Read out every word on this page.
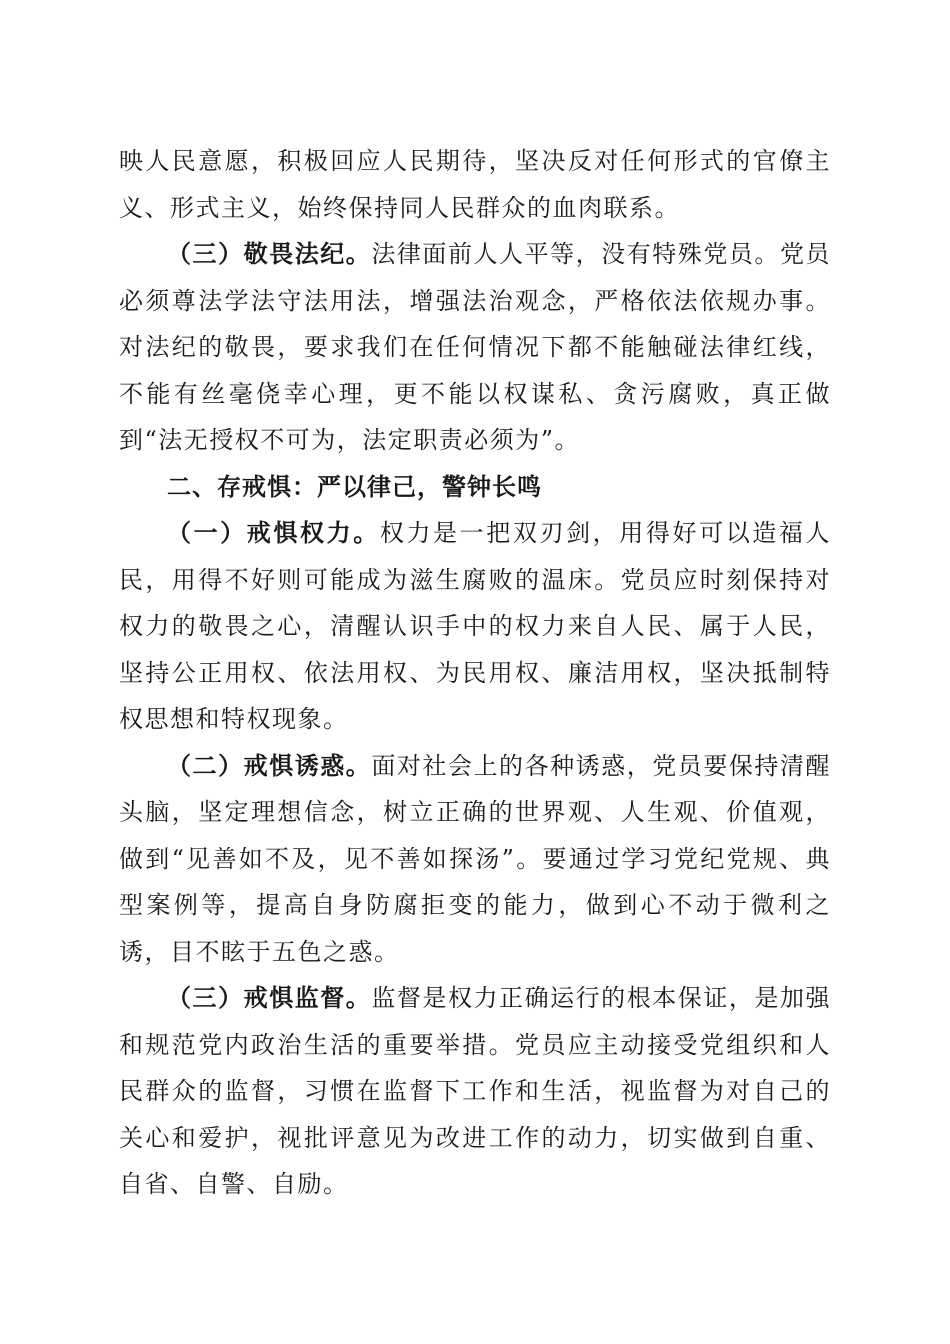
映人民意愿，积极回应人民期待，坚决反对任何形式的官僚主义、形式主义，始终保持同人民群众的血肉联系。

（三）敬畏法纪。法律面前人人平等，没有特殊党员。党员必须尊法学法守法用法，增强法治观念，严格依法依规办事。对法纪的敬畏，要求我们在任何情况下都不能触碰法律红线，不能有丝毫侥幸心理，更不能以权谋私、贪污腐败，真正做到“法无授权不可为，法定职责必须为”。

二、存戒惧：严以律己，警钟长鸣

（一）戒惧权力。权力是一把双刃剑，用得好可以造福人民，用得不好则可能成为滋生腐败的温床。党员应时刻保持对权力的敬畏之心，清醒认识手中的权力来自人民、属于人民，坚持公正用权、依法用权、为民用权、廉洁用权，坚决抵制特权思想和特权现象。

（二）戒惧诱惑。面对社会上的各种诱惑，党员要保持清醒头脑，坚定理想信念，树立正确的世界观、人生观、价值观，做到“见善如不及，见不善如探汤”。要通过学习党纪党规、典型案例等，提高自身防腐拒变的能力，做到心不动于微利之诱，目不眩于五色之惑。

（三）戒惧监督。监督是权力正确运行的根本保证，是加强和规范党内政治生活的重要举措。党员应主动接受党组织和人民群众的监督，习惯在监督下工作和生活，视监督为对自己的关心和爱护，视批评意见为改进工作的动力，切实做到自重、自省、自警、自励。
